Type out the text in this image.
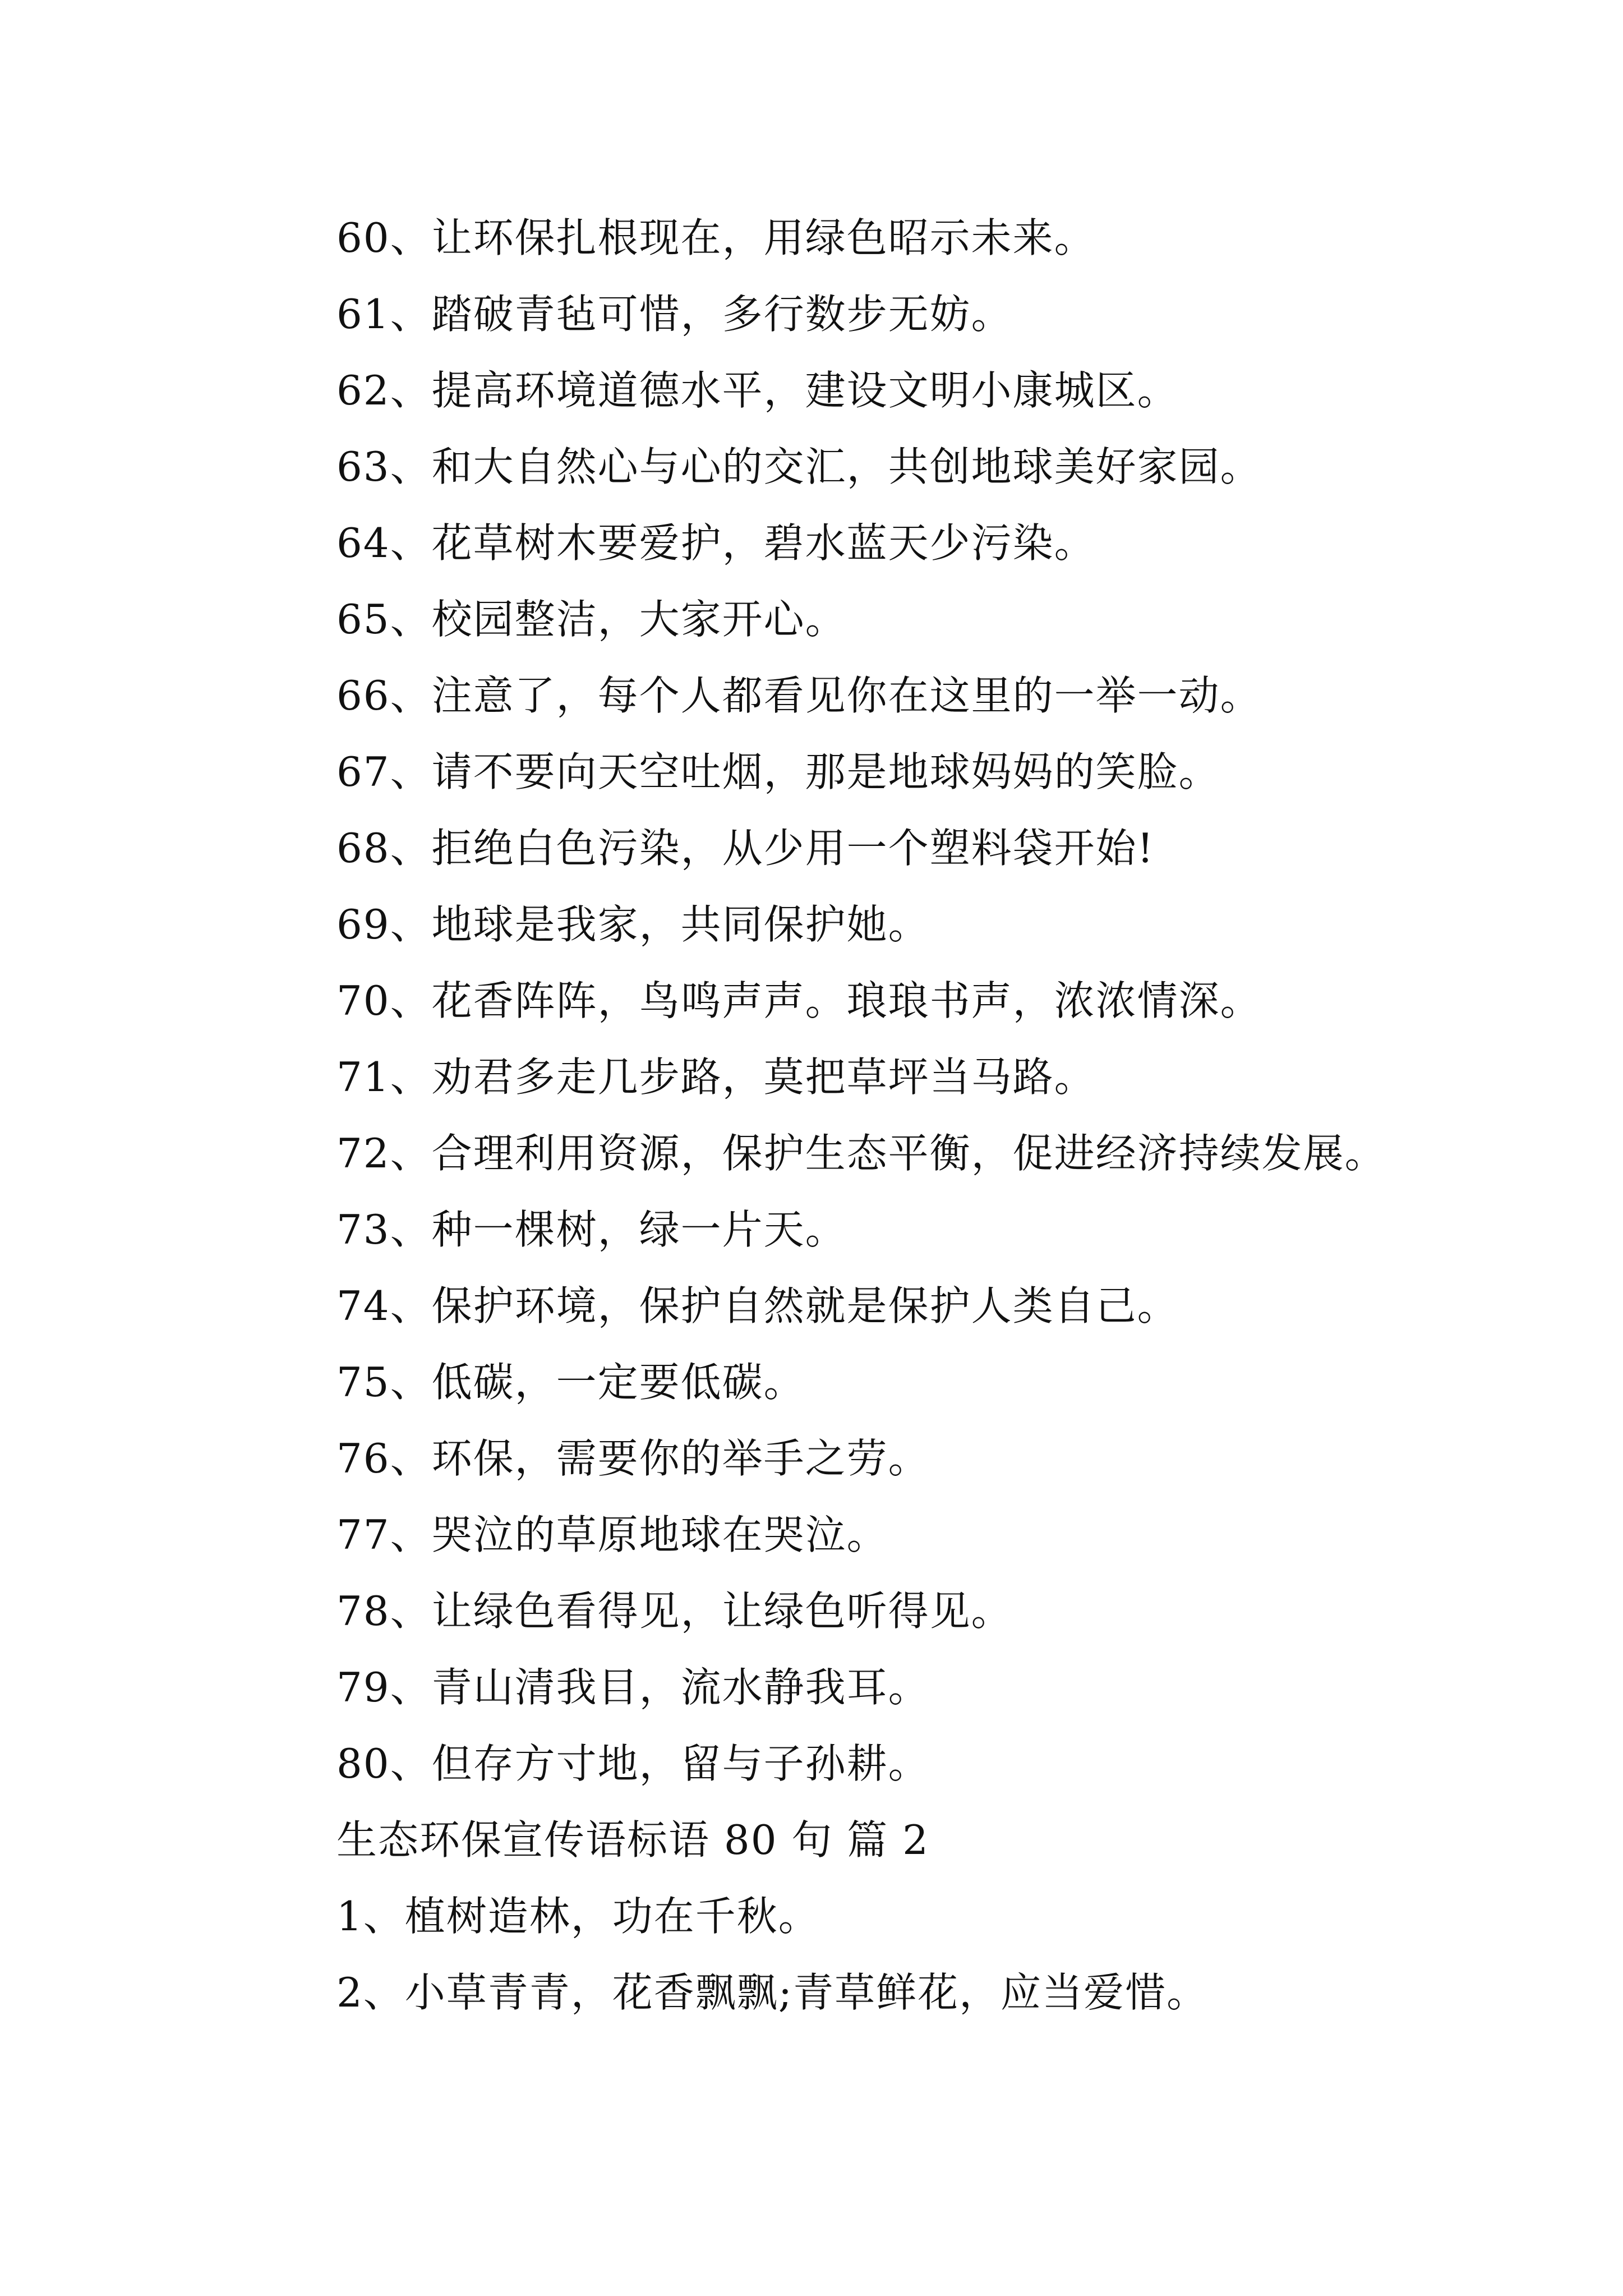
60、让环保扎根现在，用绿色昭示未来。
61、踏破青毡可惜，多行数步无妨。
62、提高环境道德水平，建设文明小康城区。
63、和大自然心与心的交汇，共创地球美好家园。
64、花草树木要爱护，碧水蓝天少污染。
65、校园整洁，大家开心。
66、注意了，每个人都看见你在这里的一举一动。
67、请不要向天空吐烟，那是地球妈妈的笑脸。
68、拒绝白色污染，从少用一个塑料袋开始!
69、地球是我家，共同保护她。
70、花香阵阵，鸟鸣声声。琅琅书声，浓浓情深。
71、劝君多走几步路，莫把草坪当马路。
72、合理利用资源，保护生态平衡，促进经济持续发展。
73、种一棵树，绿一片天。
74、保护环境，保护自然就是保护人类自己。
75、低碳，一定要低碳。
76、环保，需要你的举手之劳。
77、哭泣的草原地球在哭泣。
78、让绿色看得见，让绿色听得见。
79、青山清我目，流水静我耳。
80、但存方寸地，留与子孙耕。
生态环保宣传语标语 80 句 篇 2
1、植树造林，功在千秋。
2、小草青青，花香飘飘;青草鲜花，应当爱惜。
